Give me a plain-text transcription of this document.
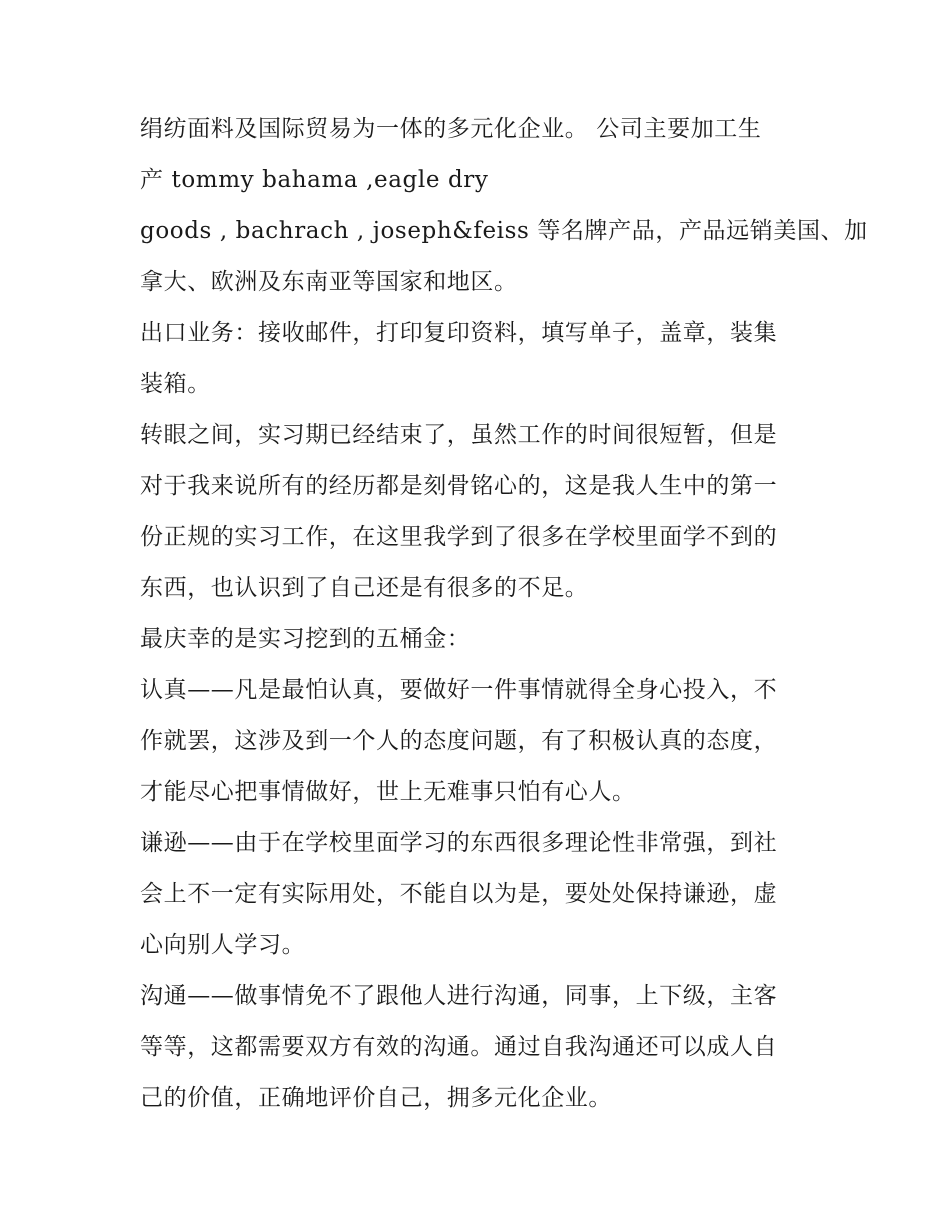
绢纺面料及国际贸易为一体的多元化企业。 公司主要加工生
产 tommy bahama ,eagle dry
goods , bachrach , joseph&feiss 等名牌产品，产品远销美国、加
拿大、欧洲及东南亚等国家和地区。
出口业务：接收邮件，打印复印资料，填写单子，盖章，装集
装箱。
转眼之间，实习期已经结束了，虽然工作的时间很短暂，但是
对于我来说所有的经历都是刻骨铭心的，这是我人生中的第一
份正规的实习工作，在这里我学到了很多在学校里面学不到的
东西，也认识到了自己还是有很多的不足。
最庆幸的是实习挖到的五桶金：
认真——凡是最怕认真，要做好一件事情就得全身心投入，不
作就罢，这涉及到一个人的态度问题，有了积极认真的态度，
才能尽心把事情做好，世上无难事只怕有心人。
谦逊——由于在学校里面学习的东西很多理论性非常强，到社
会上不一定有实际用处，不能自以为是，要处处保持谦逊，虚
心向别人学习。
沟通——做事情免不了跟他人进行沟通，同事，上下级，主客
等等，这都需要双方有效的沟通。通过自我沟通还可以成人自
己的价值，正确地评价自己，拥多元化企业。
